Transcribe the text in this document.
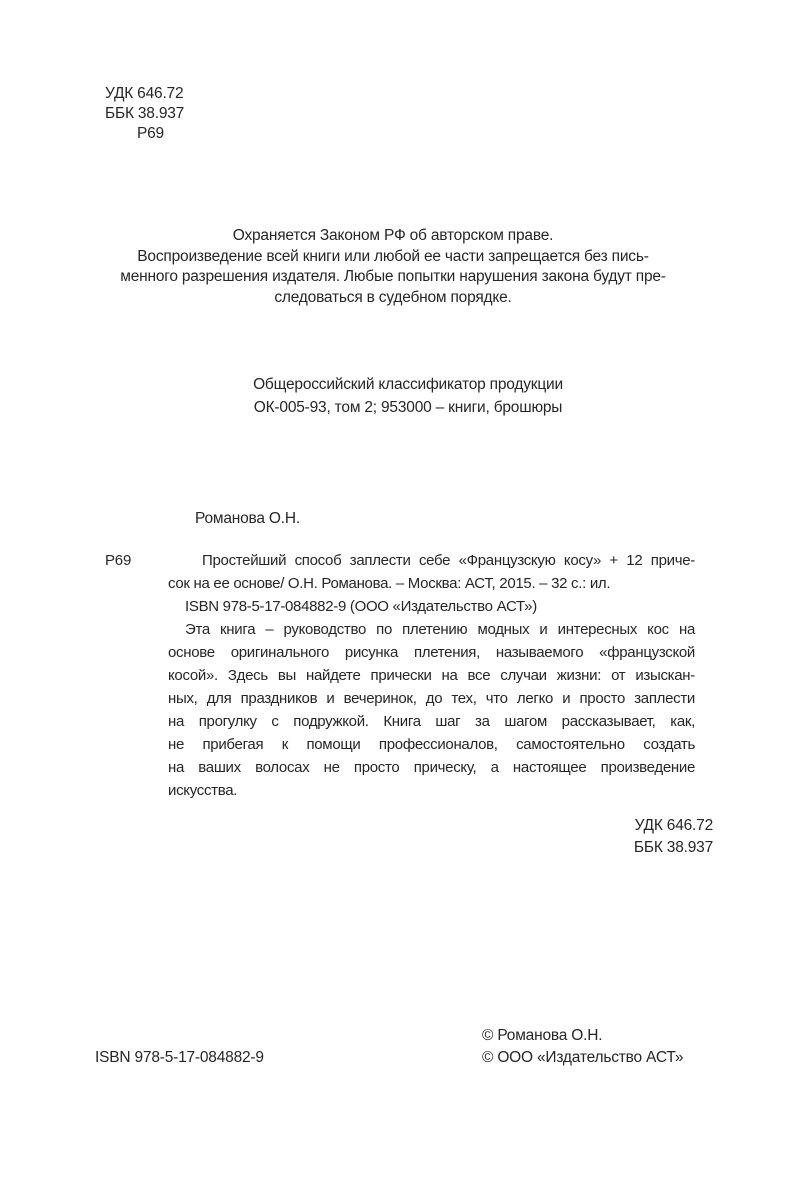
УДК 646.72
ББК 38.937
Р69
Охраняется Законом РФ об авторском праве.
Воспроизведение всей книги или любой ее части запрещается без пись-
менного разрешения издателя. Любые попытки нарушения закона будут пре-
следоваться в судебном порядке.
Общероссийский классификатор продукции
ОК-005-93, том 2; 953000 – книги, брошюры
Романова О.Н.
Р69	Простейший способ заплести себе «Французскую косу» + 12 приче-
сок на ее основе/ О.Н. Романова. – Москва: АСТ, 2015. – 32 с.: ил.
ISBN 978-5-17-084882-9 (ООО «Издательство АСТ»)
Эта книга – руководство по плетению модных и интересных кос на
основе оригинального рисунка плетения, называемого «французской
косой». Здесь вы найдете прически на все случаи жизни: от изыскан-
ных, для праздников и вечеринок, до тех, что легко и просто заплести
на прогулку с подружкой. Книга шаг за шагом рассказывает, как,
не прибегая к помощи профессионалов, самостоятельно создать
на ваших волосах не просто прическу, а настоящее произведение
искусства.
УДК 646.72
ББК 38.937
ISBN 978-5-17-084882-9
© Романова О.Н.
© ООО «Издательство АСТ»
